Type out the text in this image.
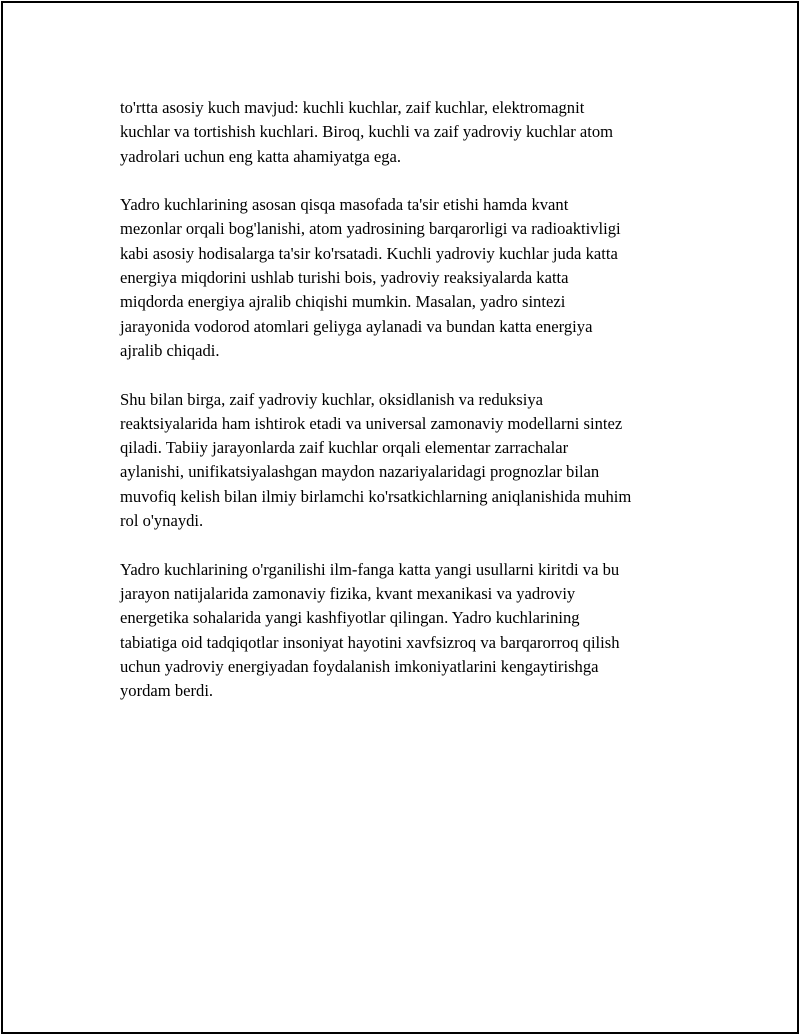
to'rtta asosiy kuch mavjud: kuchli kuchlar, zaif kuchlar, elektromagnit
kuchlar va tortishish kuchlari. Biroq, kuchli va zaif yadroviy kuchlar atom
yadrolari uchun eng katta ahamiyatga ega.

Yadro kuchlarining asosan qisqa masofada ta'sir etishi hamda kvant
mezonlar orqali bog'lanishi, atom yadrosining barqarorligi va radioaktivligi
kabi asosiy hodisalarga ta'sir ko'rsatadi. Kuchli yadroviy kuchlar juda katta
energiya miqdorini ushlab turishi bois, yadroviy reaksiyalarda katta
miqdorda energiya ajralib chiqishi mumkin. Masalan, yadro sintezi
jarayonida vodorod atomlari geliyga aylanadi va bundan katta energiya
ajralib chiqadi.

Shu bilan birga, zaif yadroviy kuchlar, oksidlanish va reduksiya
reaktsiyalarida ham ishtirok etadi va universal zamonaviy modellarni sintez
qiladi. Tabiiy jarayonlarda zaif kuchlar orqali elementar zarrachalar
aylanishi, unifikatsiyalashgan maydon nazariyalaridagi prognozlar bilan
muvofiq kelish bilan ilmiy birlamchi ko'rsatkichlarning aniqlanishida muhim
rol o'ynaydi.

Yadro kuchlarining o'rganilishi ilm-fanga katta yangi usullarni kiritdi va bu
jarayon natijalarida zamonaviy fizika, kvant mexanikasi va yadroviy
energetika sohalarida yangi kashfiyotlar qilingan. Yadro kuchlarining
tabiatiga oid tadqiqotlar insoniyat hayotini xavfsizroq va barqarorroq qilish
uchun yadroviy energiyadan foydalanish imkoniyatlarini kengaytirishga
yordam berdi.
